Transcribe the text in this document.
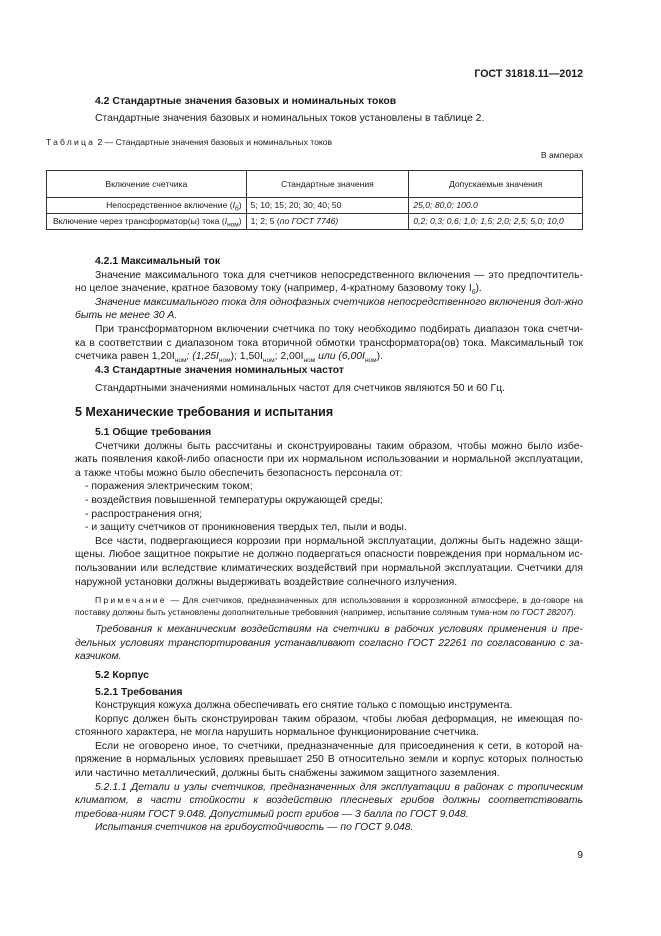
ГОСТ 31818.11—2012

4.2 Стандартные значения базовых и номинальных токов

Стандартные значения базовых и номинальных токов установлены в таблице 2.

Таблица 2 — Стандартные значения базовых и номинальных токов
В амперах
Включение счетчика	Стандартные значения	Допускаемые значения
Непосредственное включение $(I_б)$	5; 10; 15; 20; 30; 40; 50	25,0; 80,0; 100.0
Включение через трансформатор(ы) тока $(I_{ном})$	1; 2; 5 (по ГОСТ 7746)	0,2; 0,3; 0,6; 1,0; 1,5; 2,0; 2,5; 5,0; 10,0

4.2.1 Максимальный ток

Значение максимального тока для счетчиков непосредственного включения — это предпочтитель-но целое значение, кратное базовому току (например, 4-кратному базовому току $I_б$).

Значение максимального тока для однофазных счетчиков непосредственного включения дол-жно быть не менее 30 А.

При трансформаторном включении счетчика по току необходимо подбирать диапазон тока счетчи-ка в соответствии с диапазоном тока вторичной обмотки трансформатора(ов) тока. Максимальный ток счетчика равен $1,20I_{ном}$; $(1,25I_{ном})$; $1,50I_{ном}$; $2,00I_{ном}$ или $(6,00I_{ном})$.

4.3 Стандартные значения номинальных частот

Стандартными значениями номинальных частот для счетчиков являются 50 и 60 Гц.

5 Механические требования и испытания

5.1 Общие требования

Счетчики должны быть рассчитаны и сконструированы таким образом, чтобы можно было избе-жать появления какой-либо опасности при их нормальном использовании и нормальной эксплуатации, а также чтобы можно было обеспечить безопасность персонала от:

- поражения электрическим током;
- воздействия повышенной температуры окружающей среды;
- распространения огня;
- и защиту счетчиков от проникновения твердых тел, пыли и воды.

Все части, подвергающиеся коррозии при нормальной эксплуатации, должны быть надежно защи-щены. Любое защитное покрытие не должно подвергаться опасности повреждения при нормальном ис-пользовании или вследствие климатических воздействий при нормальной эксплуатации. Счетчики для наружной установки должны выдерживать воздействие солнечного излучения.

Примечание — Для счетчиков, предназначенных для использования в коррозионной атмосфере, в до-говоре на поставку должны быть установлены дополнительные требования (например, испытание соляным тума-ном по ГОСТ 28207).

Требования к механическим воздействиям на счетчики в рабочих условиях применения и пре-дельных условиях транспортирования устанавливают согласно ГОСТ 22261 по согласованию с за-казчиком.

5.2 Корпус

5.2.1 Требования

Конструкция кожуха должна обеспечивать его снятие только с помощью инструмента.

Корпус должен быть сконструирован таким образом, чтобы любая деформация, не имеющая по-стоянного характера, не могла нарушить нормальное функционирование счетчика.

Если не оговорено иное, то счетчики, предназначенные для присоединения к сети, в которой на-пряжение в нормальных условиях превышает 250 В относительно земли и корпус которых полностью или частично металлический, должны быть снабжены зажимом защитного заземления.

5.2.1.1 Детали и узлы счетчиков, предназначенных для эксплуатации в районах с тропическим климатом, в части стойкости к воздействию плесневых грибов должны соответствовать требова-ниям ГОСТ 9.048. Допустимый рост грибов — 3 балла по ГОСТ 9.048.

Испытания счетчиков на грибоустойчивость — по ГОСТ 9.048.

9
